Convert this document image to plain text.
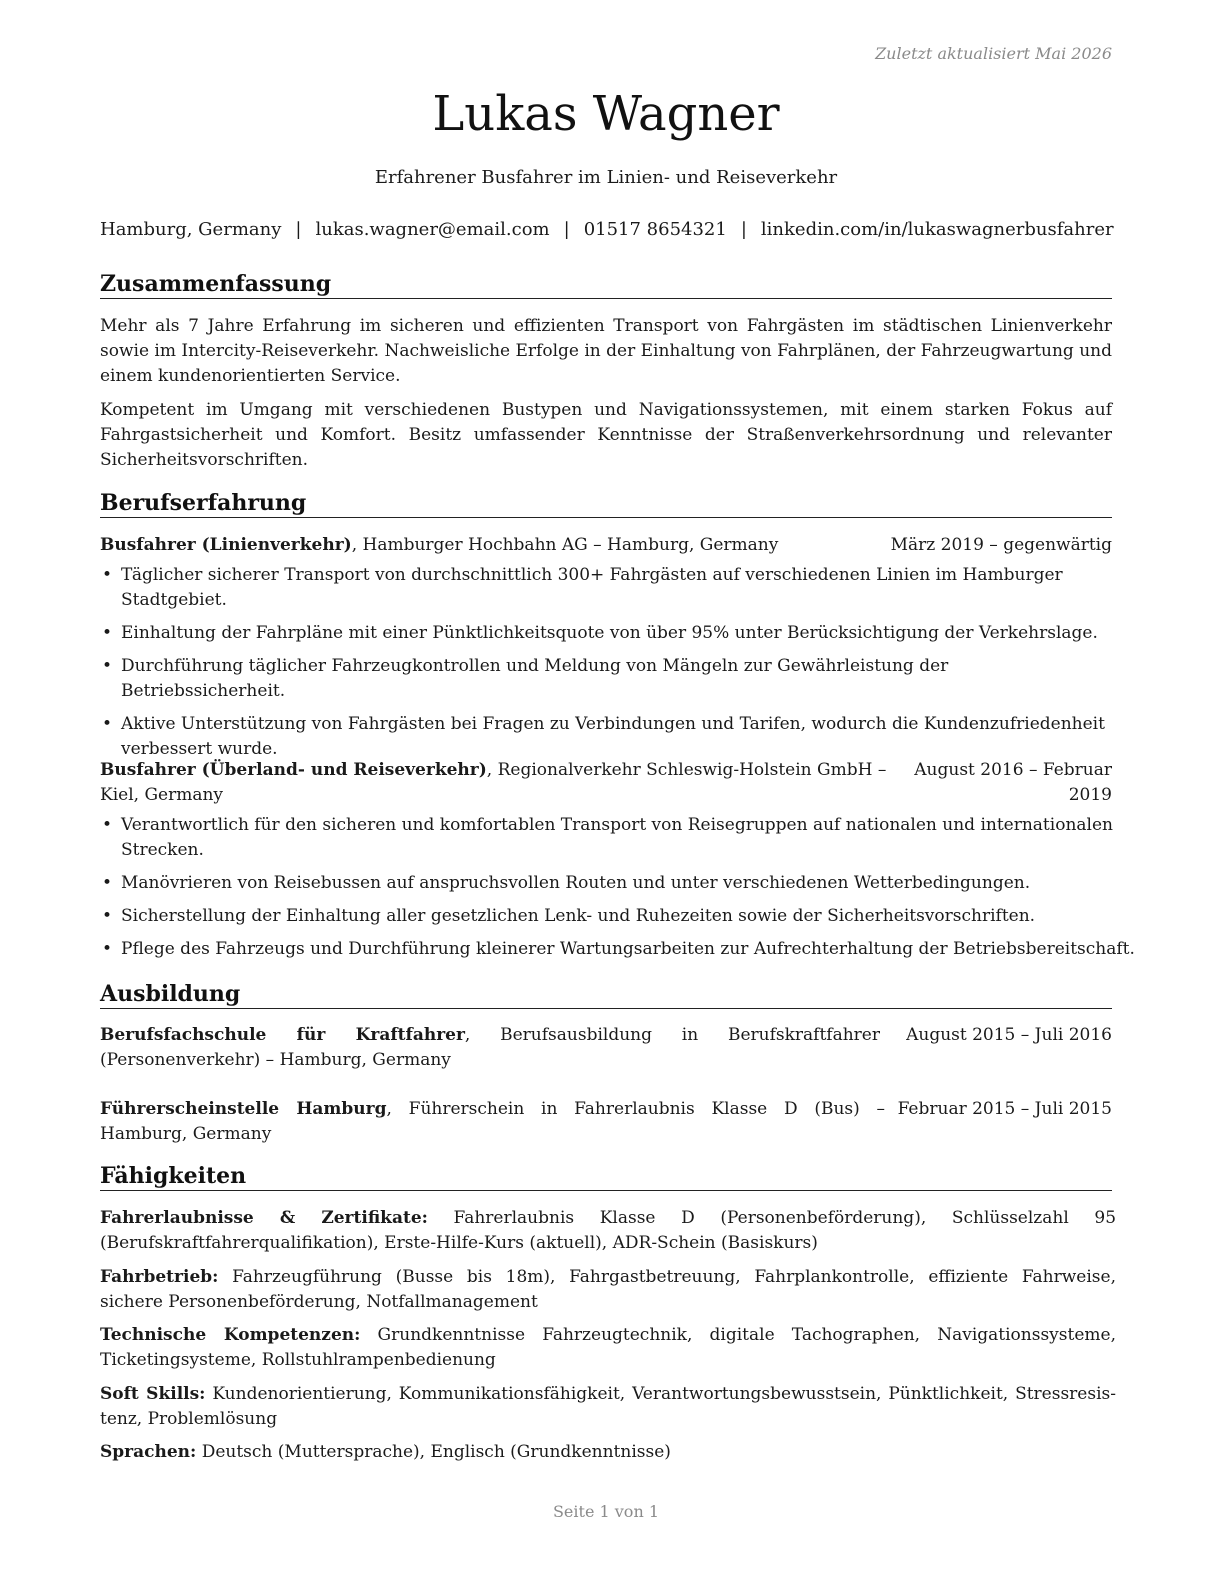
Zuletzt aktualisiert Mai 2026
Lukas Wagner
Erfahrener Busfahrer im Linien- und Reiseverkehr
Hamburg, Germany | lukas.wagner@email.com | 01517 8654321 | linkedin.com/in/lukaswagnerbusfahrer
Zusammenfassung
Mehr als 7 Jahre Erfahrung im sicheren und effizienten Transport von Fahrgästen im städtischen Linienverkehr sowie im Intercity-Reiseverkehr. Nachweisliche Erfolge in der Einhaltung von Fahrplänen, der Fahrzeugwartung und einem kundenorientierten Service.
Kompetent im Umgang mit verschiedenen Bustypen und Navigationssystemen, mit einem starken Fokus auf Fahrgastsicherheit und Komfort. Besitz umfassender Kenntnisse der Straßenverkehrsordnung und relevanter Sicherheitsvorschriften.
Berufserfahrung
Busfahrer (Linienverkehr), Hamburger Hochbahn AG – Hamburg, Germany	März 2019 – gegenwärtig
• Täglicher sicherer Transport von durchschnittlich 300+ Fahrgästen auf verschiedenen Linien im Hamburger Stadtgebiet.
• Einhaltung der Fahrpläne mit einer Pünktlichkeitsquote von über 95% unter Berücksichtigung der Verkehrslage.
• Durchführung täglicher Fahrzeugkontrollen und Meldung von Mängeln zur Gewährleistung der Betriebssicherheit.
• Aktive Unterstützung von Fahrgästen bei Fragen zu Verbindungen und Tarifen, wodurch die Kundenzufriedenheit verbessert wurde.
Busfahrer (Überland- und Reiseverkehr), Regionalverkehr Schleswig-Holstein GmbH –
Kiel, Germany
August 2016 – Februar
2019
• Verantwortlich für den sicheren und komfortablen Transport von Reisegruppen auf nationalen und internationalen Strecken.
• Manövrieren von Reisebussen auf anspruchsvollen Routen und unter verschiedenen Wetterbedingungen.
• Sicherstellung der Einhaltung aller gesetzlichen Lenk- und Ruhezeiten sowie der Sicherheitsvorschriften.
• Pflege des Fahrzeugs und Durchführung kleinerer Wartungsarbeiten zur Aufrechterhaltung der Betriebsbereitschaft.
Ausbildung
Berufsfachschule für Kraftfahrer, Berufsausbildung in Berufskraftfahrer (Personenverkehr) – Hamburg, Germany
August 2015 – Juli 2016
Führerscheinstelle Hamburg, Führerschein in Fahrerlaubnis Klasse D (Bus) – Hamburg, Germany
Februar 2015 – Juli 2015
Fähigkeiten
Fahrerlaubnisse & Zertifikate: Fahrerlaubnis Klasse D (Personenbeförderung), Schlüsselzahl 95 (Berufskraftfahrerqualifikation), Erste-Hilfe-Kurs (aktuell), ADR-Schein (Basiskurs)
Fahrbetrieb: Fahrzeugführung (Busse bis 18m), Fahrgastbetreuung, Fahrplankontrolle, effiziente Fahrweise, sichere Personenbeförderung, Notfallmanagement
Technische Kompetenzen: Grundkenntnisse Fahrzeugtechnik, digitale Tachographen, Navigationssysteme, Ticketingsysteme, Rollstuhlrampenbedienung
Soft Skills: Kundenorientierung, Kommunikationsfähigkeit, Verantwortungsbewusstsein, Pünktlichkeit, Stressresistenz, Problemlösung
Sprachen: Deutsch (Muttersprache), Englisch (Grundkenntnisse)
Seite 1 von 1
